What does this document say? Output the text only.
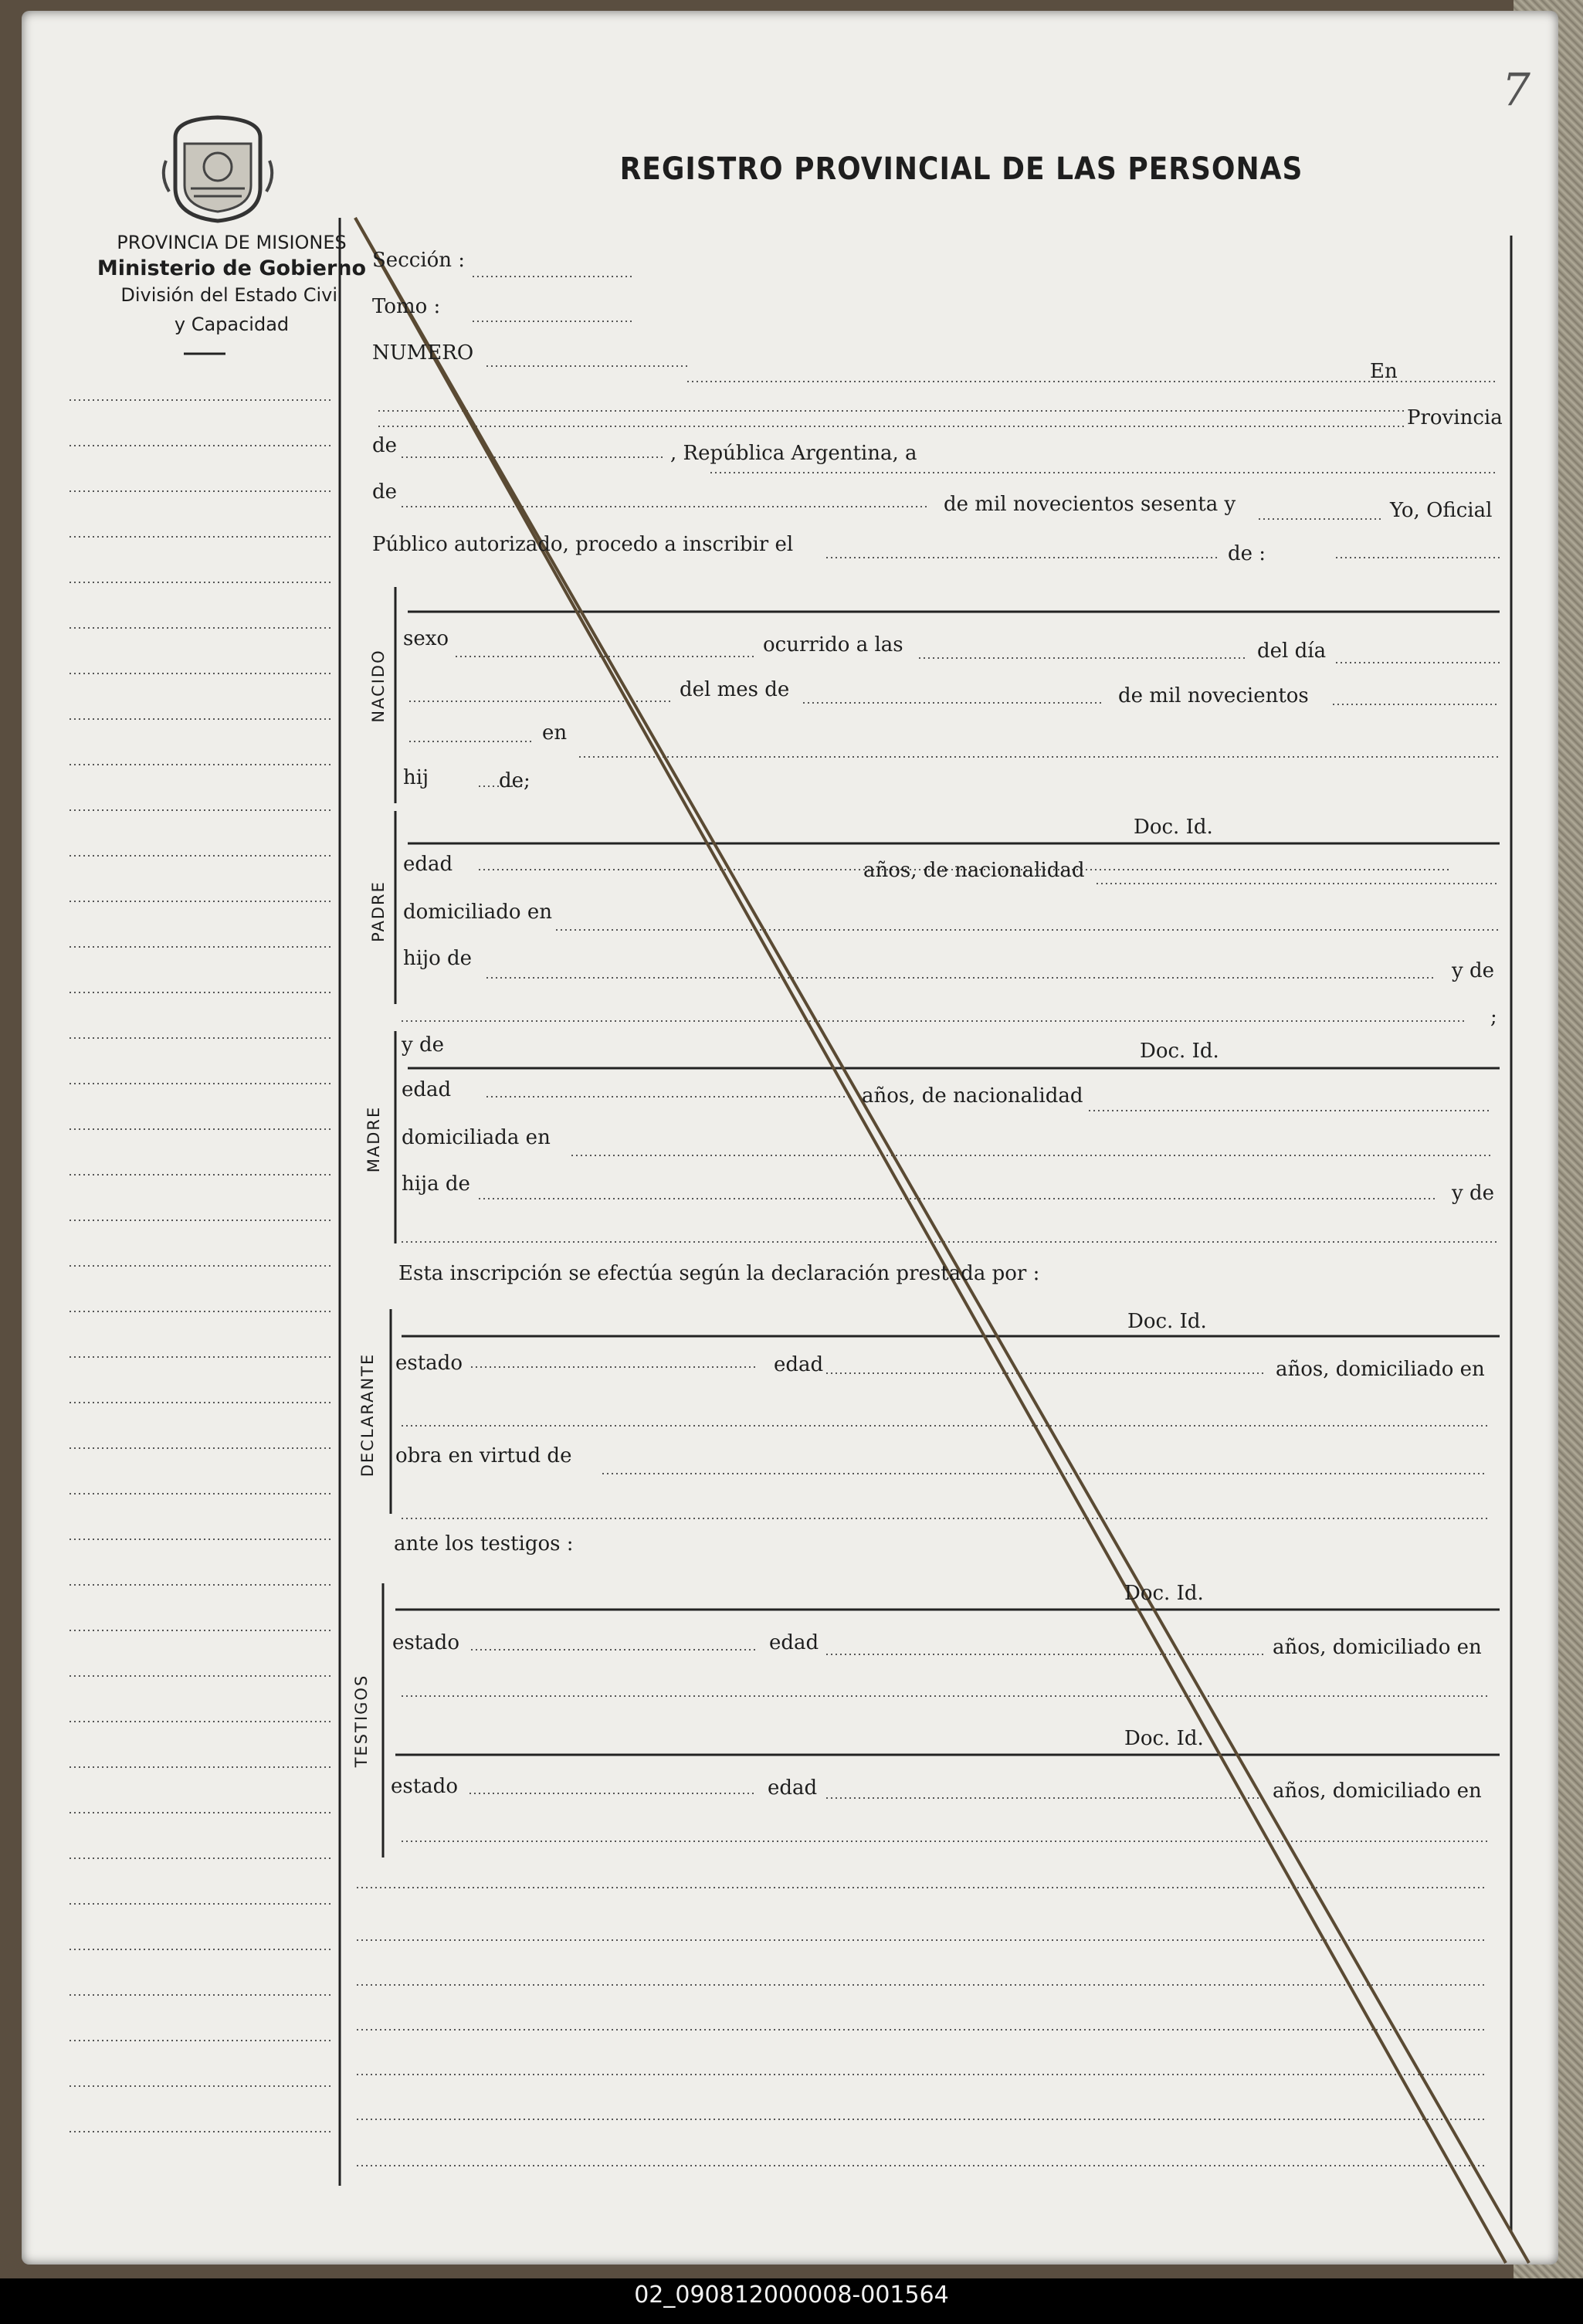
02_090812000008-001564
7
PROVINCIA DE MISIONES
Ministerio de Gobierno
División del Estado Civil
y Capacidad
REGISTRO PROVINCIAL DE LAS PERSONAS
NACIDO
PADRE
MADRE
DECLARANTE
TESTIGOS
Sección :
Tomo :
NUMERO
En
Provincia
de	, República Argentina, a
de
de mil novecientos sesenta y	Yo, Oficial
Público autorizado, procedo a inscribir el	de :
sexo	ocurrido a las	del día
del mes de	de mil novecientos
en
hij	de;
Doc. Id.
edad	años, de nacionalidad
domiciliado en
hijo de
y de
;
y de	Doc. Id.
edad	años, de nacionalidad
domiciliada en
hija de	y de
Esta inscripción se efectúa según la declaración prestada por :
Doc. Id.
estado	edad	años, domiciliado en
obra en virtud de
ante los testigos :
Doc. Id.
estado	edad	años, domiciliado en
Doc. Id.
estado	edad	años, domiciliado en
